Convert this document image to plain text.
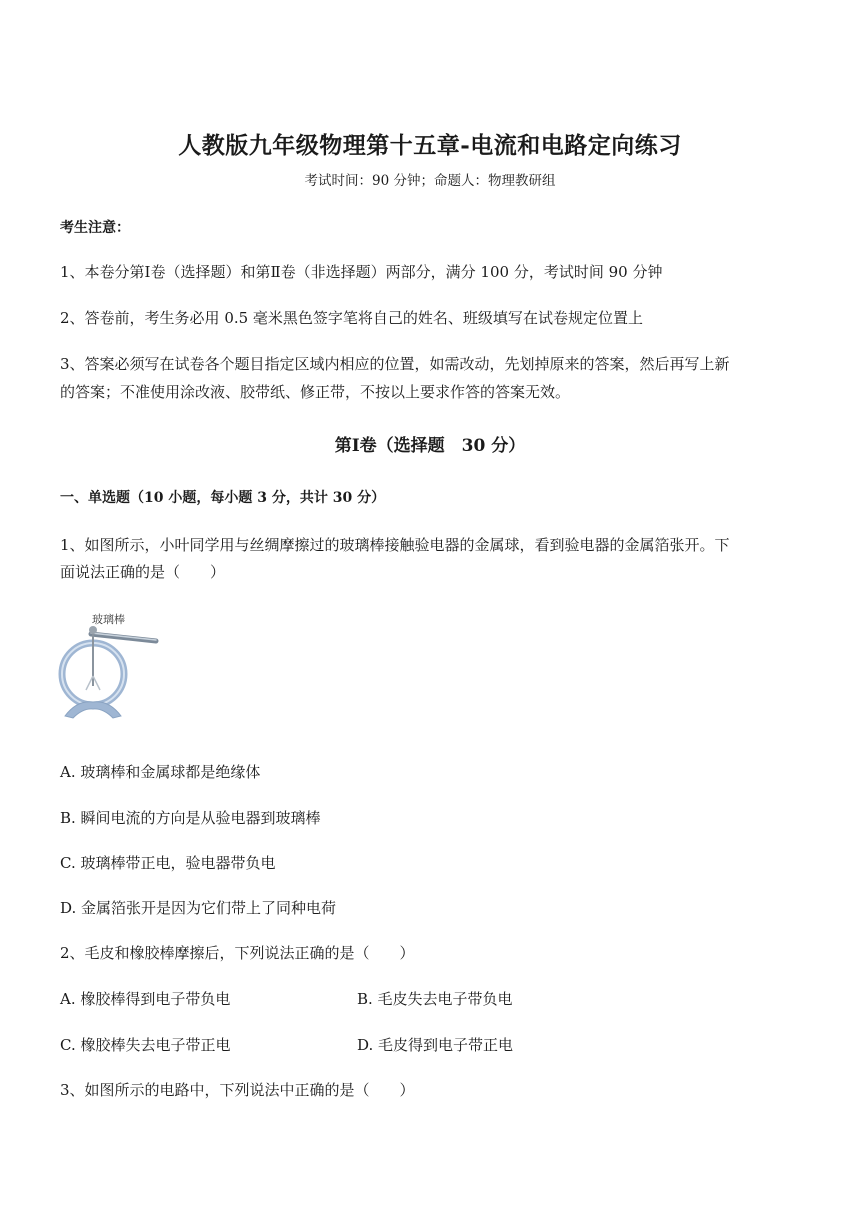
人教版九年级物理第十五章-电流和电路定向练习
考试时间：90 分钟；命题人：物理教研组
考生注意：
1、本卷分第Ⅰ卷（选择题）和第Ⅱ卷（非选择题）两部分，满分 100 分，考试时间 90 分钟
2、答卷前，考生务必用 0.5 毫米黑色签字笔将自己的姓名、班级填写在试卷规定位置上
3、答案必须写在试卷各个题目指定区域内相应的位置，如需改动，先划掉原来的答案，然后再写上新
的答案；不准使用涂改液、胶带纸、修正带，不按以上要求作答的答案无效。
第Ⅰ卷（选择题　30 分）
一、单选题（10 小题，每小题 3 分，共计 30 分）
1、如图所示，小叶同学用与丝绸摩擦过的玻璃棒接触验电器的金属球，看到验电器的金属箔张开。下
面说法正确的是（　　）
玻璃棒
A. 玻璃棒和金属球都是绝缘体
B. 瞬间电流的方向是从验电器到玻璃棒
C. 玻璃棒带正电，验电器带负电
D. 金属箔张开是因为它们带上了同种电荷
2、毛皮和橡胶棒摩擦后，下列说法正确的是（　　）
A. 橡胶棒得到电子带负电	B. 毛皮失去电子带负电
C. 橡胶棒失去电子带正电	D. 毛皮得到电子带正电
3、如图所示的电路中，下列说法中正确的是（　　）
